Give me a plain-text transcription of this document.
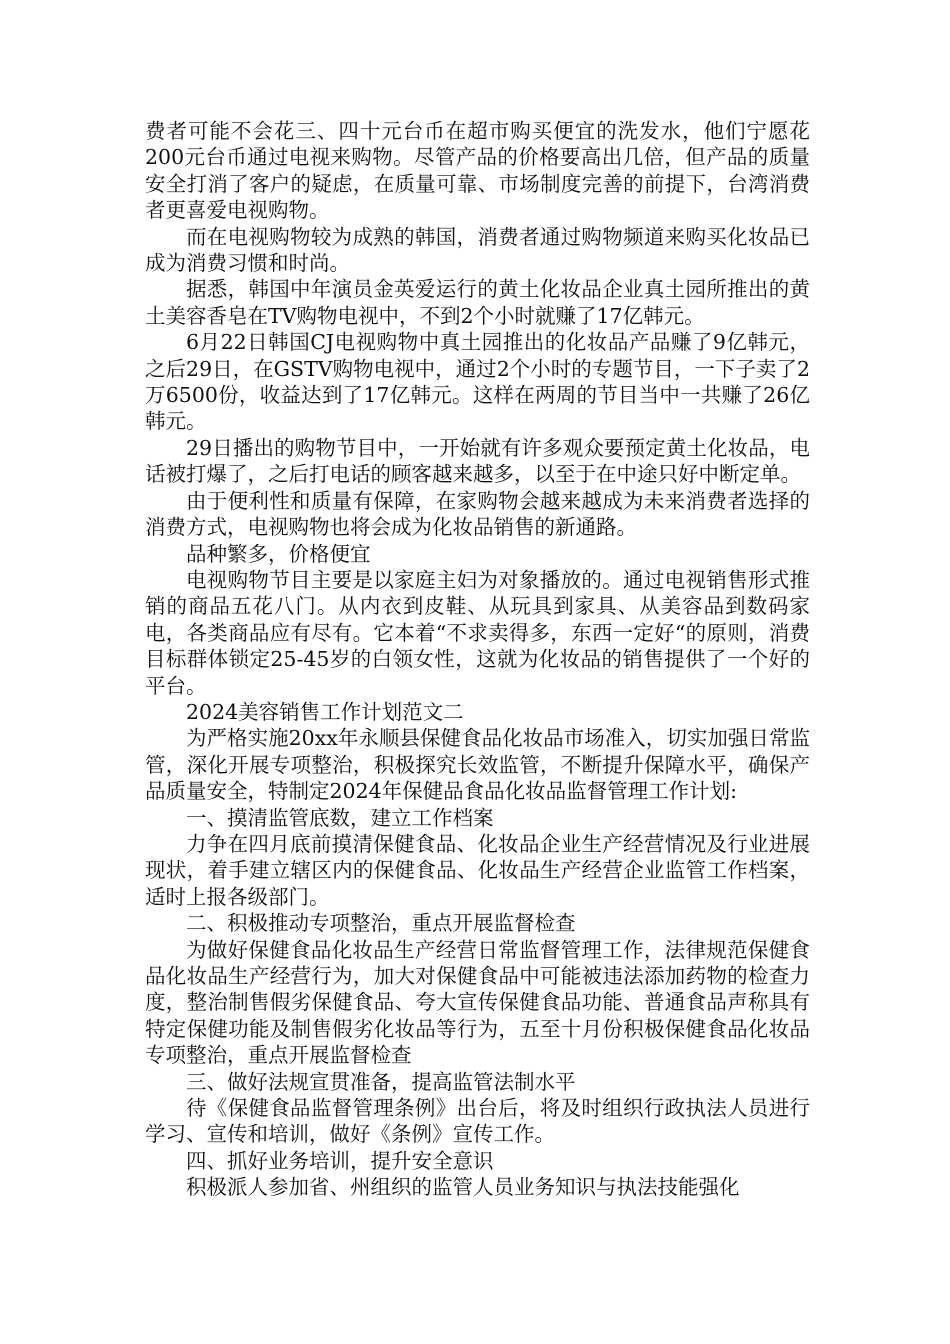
费者可能不会花三、四十元台币在超市购买便宜的洗发水，他们宁愿花200元台币通过电视来购物。尽管产品的价格要高出几倍，但产品的质量安全打消了客户的疑虑，在质量可靠、市场制度完善的前提下，台湾消费者更喜爱电视购物。

而在电视购物较为成熟的韩国，消费者通过购物频道来购买化妆品已成为消费习惯和时尚。

据悉，韩国中年演员金英爱运行的黄土化妆品企业真土园所推出的黄土美容香皂在TV购物电视中，不到2个小时就赚了17亿韩元。

6月22日韩国CJ电视购物中真土园推出的化妆品产品赚了9亿韩元，之后29日，在GSTV购物电视中，通过2个小时的专题节目，一下子卖了2万6500份，收益达到了17亿韩元。这样在两周的节目当中一共赚了26亿韩元。

29日播出的购物节目中，一开始就有许多观众要预定黄土化妆品，电话被打爆了，之后打电话的顾客越来越多，以至于在中途只好中断定单。

由于便利性和质量有保障，在家购物会越来越成为未来消费者选择的消费方式，电视购物也将会成为化妆品销售的新通路。

品种繁多，价格便宜

电视购物节目主要是以家庭主妇为对象播放的。通过电视销售形式推销的商品五花八门。从内衣到皮鞋、从玩具到家具、从美容品到数码家电，各类商品应有尽有。它本着“不求卖得多，东西一定好“的原则，消费目标群体锁定25-45岁的白领女性，这就为化妆品的销售提供了一个好的平台。

2024美容销售工作计划范文二

为严格实施20xx年永顺县保健食品化妆品市场准入，切实加强日常监管，深化开展专项整治，积极探究长效监管，不断提升保障水平，确保产品质量安全，特制定2024年保健品食品化妆品监督管理工作计划:

一、摸清监管底数，建立工作档案

力争在四月底前摸清保健食品、化妆品企业生产经营情况及行业进展现状，着手建立辖区内的保健食品、化妆品生产经营企业监管工作档案，适时上报各级部门。

二、积极推动专项整治，重点开展监督检查

为做好保健食品化妆品生产经营日常监督管理工作，法律规范保健食品化妆品生产经营行为，加大对保健食品中可能被违法添加药物的检查力度，整治制售假劣保健食品、夸大宣传保健食品功能、普通食品声称具有特定保健功能及制售假劣化妆品等行为，五至十月份积极保健食品化妆品专项整治，重点开展监督检查

三、做好法规宣贯准备，提高监管法制水平

待《保健食品监督管理条例》出台后，将及时组织行政执法人员进行学习、宣传和培训，做好《条例》宣传工作。

四、抓好业务培训，提升安全意识

积极派人参加省、州组织的监管人员业务知识与执法技能强化
